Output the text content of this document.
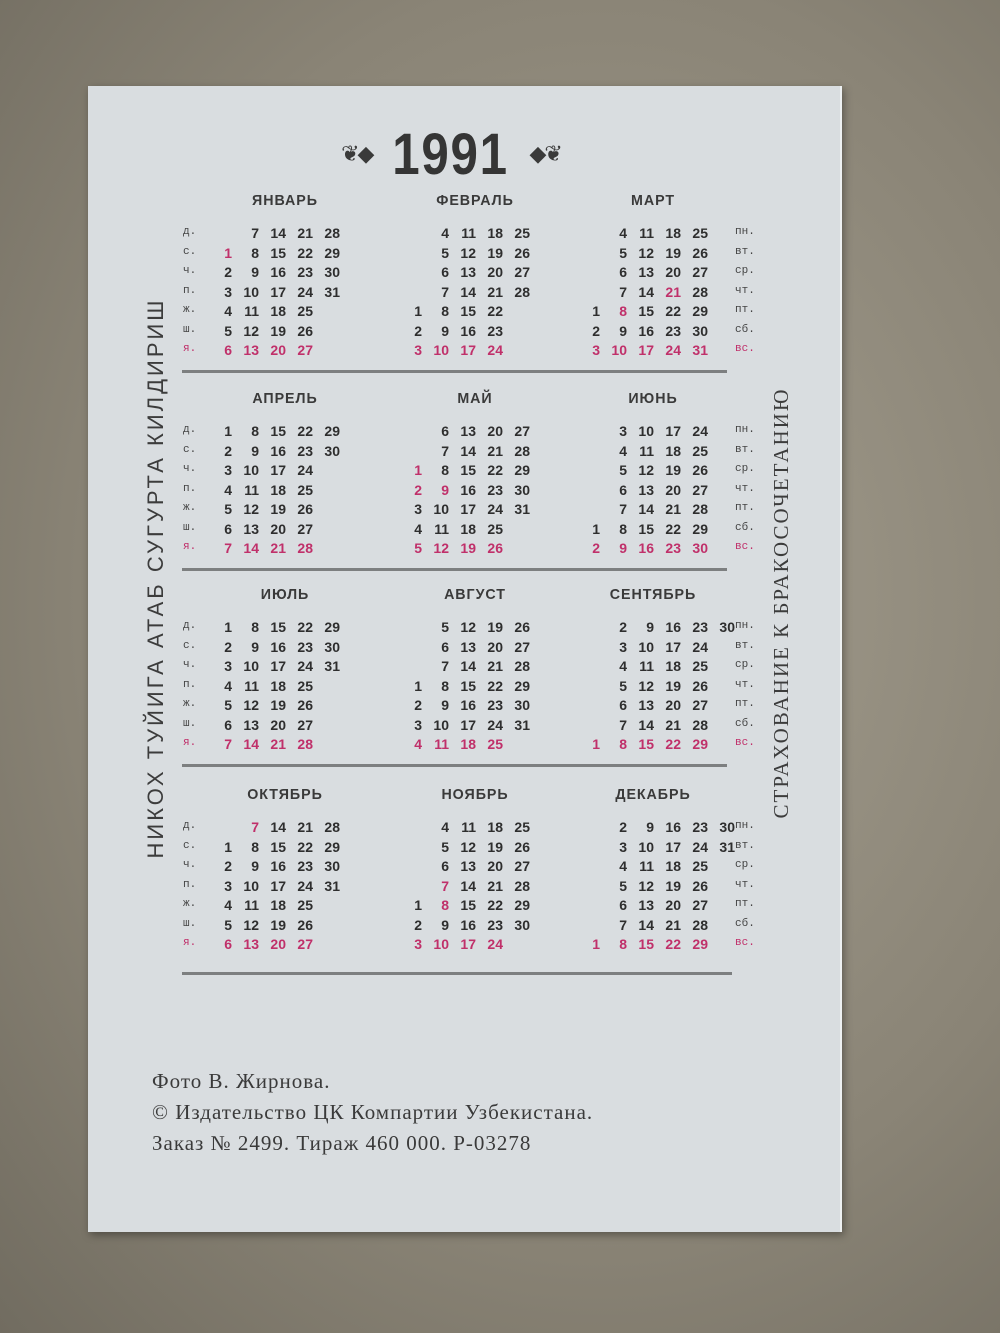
❦◆ 1991 ◆❦
НИКОХ ТУЙИГА АТАБ СУГУРТА КИЛДИРИШ	СТРАХОВАНИЕ К БРАКОСОЧЕТАНИЮ
д.
с.
ч.
п.
ж.
ш.
я.
пн.
вт.
ср.
чт.
пт.
сб.
вс.
д.
с.
ч.
п.
ж.
ш.
я.
пн.
вт.
ср.
чт.
пт.
сб.
вс.
д.
с.
ч.
п.
ж.
ш.
я.
пн.
вт.
ср.
чт.
пт.
сб.
вс.
д.
с.
ч.
п.
ж.
ш.
я.
пн.
вт.
ср.
чт.
пт.
сб.
вс.
ЯНВАРЬ
1
2
3
4
5
6
7
8
9
10
11
12
13
14
15
16
17
18
19
20
21
22
23
24
25
26
27
28
29
30
31
ФЕВРАЛЬ
1
2
3
4
5
6
7
8
9
10
11
12
13
14
15
16
17
18
19
20
21
22
23
24
25
26
27
28
МАРТ
1
2
3
4
5
6
7
8
9
10
11
12
13
14
15
16
17
18
19
20
21
22
23
24
25
26
27
28
29
30
31
АПРЕЛЬ
1
2
3
4
5
6
7
8
9
10
11
12
13
14
15
16
17
18
19
20
21
22
23
24
25
26
27
28
29
30
МАЙ
1
2
3
4
5
6
7
8
9
10
11
12
13
14
15
16
17
18
19
20
21
22
23
24
25
26
27
28
29
30
31
ИЮНЬ
1
2
3
4
5
6
7
8
9
10
11
12
13
14
15
16
17
18
19
20
21
22
23
24
25
26
27
28
29
30
ИЮЛЬ
1
2
3
4
5
6
7
8
9
10
11
12
13
14
15
16
17
18
19
20
21
22
23
24
25
26
27
28
29
30
31
АВГУСТ
1
2
3
4
5
6
7
8
9
10
11
12
13
14
15
16
17
18
19
20
21
22
23
24
25
26
27
28
29
30
31
СЕНТЯБРЬ
1
2
3
4
5
6
7
8
9
10
11
12
13
14
15
16
17
18
19
20
21
22
23
24
25
26
27
28
29
30
ОКТЯБРЬ
1
2
3
4
5
6
7
8
9
10
11
12
13
14
15
16
17
18
19
20
21
22
23
24
25
26
27
28
29
30
31
НОЯБРЬ
1
2
3
4
5
6
7
8
9
10
11
12
13
14
15
16
17
18
19
20
21
22
23
24
25
26
27
28
29
30
ДЕКАБРЬ
1
2
3
4
5
6
7
8
9
10
11
12
13
14
15
16
17
18
19
20
21
22
23
24
25
26
27
28
29
30
31
Фото В. Жирнова.
© Издательство ЦК Компартии Узбекистана.
Заказ № 2499. Тираж 460 000. Р-03278
